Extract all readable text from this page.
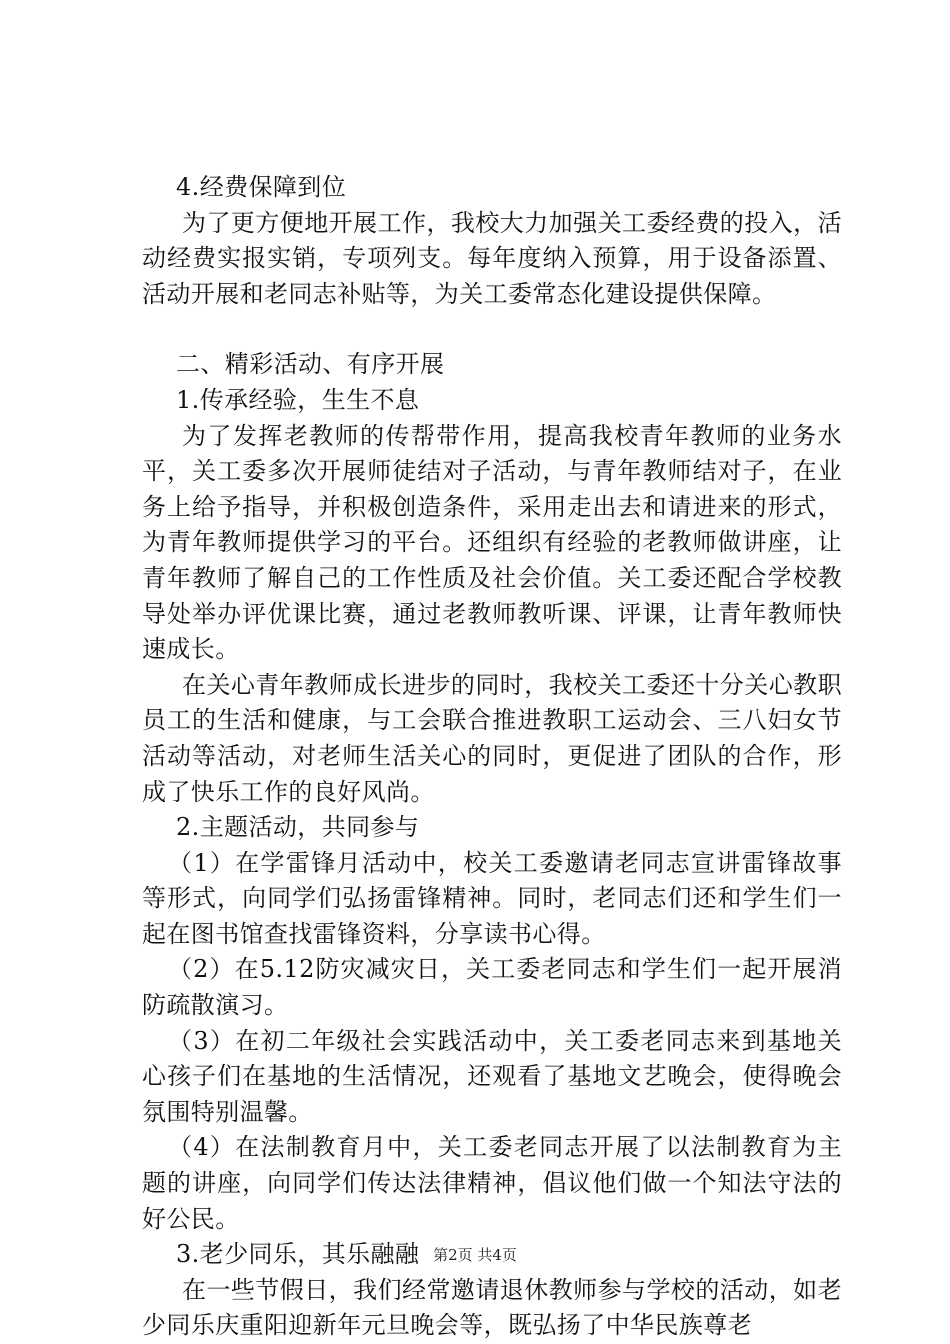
4.经费保障到位

为了更方便地开展工作，我校大力加强关工委经费的投入，活动经费实报实销，专项列支。每年度纳入预算，用于设备添置、活动开展和老同志补贴等，为关工委常态化建设提供保障。

二、精彩活动、有序开展

1.传承经验，生生不息

为了发挥老教师的传帮带作用，提高我校青年教师的业务水平，关工委多次开展师徒结对子活动，与青年教师结对子，在业务上给予指导，并积极创造条件，采用走出去和请进来的形式，为青年教师提供学习的平台。还组织有经验的老教师做讲座，让青年教师了解自己的工作性质及社会价值。关工委还配合学校教导处举办评优课比赛，通过老教师教听课、评课，让青年教师快速成长。

在关心青年教师成长进步的同时，我校关工委还十分关心教职员工的生活和健康，与工会联合推进教职工运动会、三八妇女节活动等活动，对老师生活关心的同时，更促进了团队的合作，形成了快乐工作的良好风尚。

2.主题活动，共同参与

（1）在学雷锋月活动中，校关工委邀请老同志宣讲雷锋故事等形式，向同学们弘扬雷锋精神。同时，老同志们还和学生们一起在图书馆查找雷锋资料，分享读书心得。

（2）在5.12防灾减灾日，关工委老同志和学生们一起开展消防疏散演习。

（3）在初二年级社会实践活动中，关工委老同志来到基地关心孩子们在基地的生活情况，还观看了基地文艺晚会，使得晚会氛围特别温馨。

（4）在法制教育月中，关工委老同志开展了以法制教育为主题的讲座，向同学们传达法律精神，倡议他们做一个知法守法的好公民。

3.老少同乐，其乐融融

在一些节假日，我们经常邀请退休教师参与学校的活动，如老少同乐庆重阳迎新年元旦晚会等，既弘扬了中华民族尊老

第2页 共4页
